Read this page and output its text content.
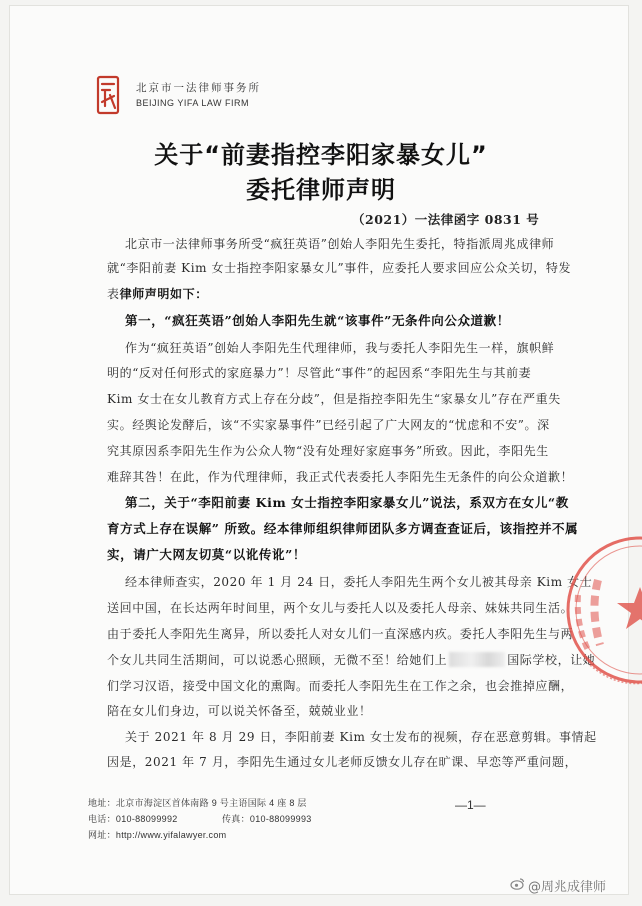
北京市一法律师事务所
BEIJING YIFA LAW FIRM
关于“前妻指控李阳家暴女儿”
委托律师声明
（2021）一法律函字 0831 号
北京市一法律师事务所受“疯狂英语”创始人李阳先生委托，特指派周兆成律师
就“李阳前妻 Kim 女士指控李阳家暴女儿”事件，应委托人要求回应公众关切，特发
表律师声明如下：
第一，“疯狂英语”创始人李阳先生就“该事件”无条件向公众道歉！
作为“疯狂英语”创始人李阳先生代理律师，我与委托人李阳先生一样，旗帜鲜
明的“反对任何形式的家庭暴力”！尽管此“事件”的起因系“李阳先生与其前妻
Kim 女士在女儿教育方式上存在分歧”，但是指控李阳先生“家暴女儿”存在严重失
实。经舆论发酵后，该“不实家暴事件”已经引起了广大网友的“忧虑和不安”。深
究其原因系李阳先生作为公众人物“没有处理好家庭事务”所致。因此，李阳先生
难辞其咎！在此，作为代理律师，我正式代表委托人李阳先生无条件的向公众道歉！
第二，关于“李阳前妻 Kim 女士指控李阳家暴女儿”说法，系双方在女儿“教
育方式上存在误解” 所致。经本律师组织律师团队多方调查查证后，该指控并不属
实，请广大网友切莫“以讹传讹”！
经本律师查实，2020 年 1 月 24 日，委托人李阳先生两个女儿被其母亲 Kim 女士
送回中国，在长达两年时间里，两个女儿与委托人以及委托人母亲、妹妹共同生活。
由于委托人李阳先生离异，所以委托人对女儿们一直深感内疚。委托人李阳先生与两
个女儿共同生活期间，可以说悉心照顾，无微不至！给她们上	国际学校，让她
们学习汉语，接受中国文化的熏陶。而委托人李阳先生在工作之余，也会推掉应酬，
陪在女儿们身边，可以说关怀备至，兢兢业业！
关于 2021 年 8 月 29 日，李阳前妻 Kim 女士发布的视频，存在恶意剪辑。事情起
因是，2021 年 7 月，李阳先生通过女儿老师反馈女儿存在旷课、早恋等严重问题，
地址：北京市海淀区首体南路 9 号主语国际 4 座 8 层
电话：010-88099992	传真：010-88099993
网址：http://www.yifalawyer.com
—1—
@周兆成律师
